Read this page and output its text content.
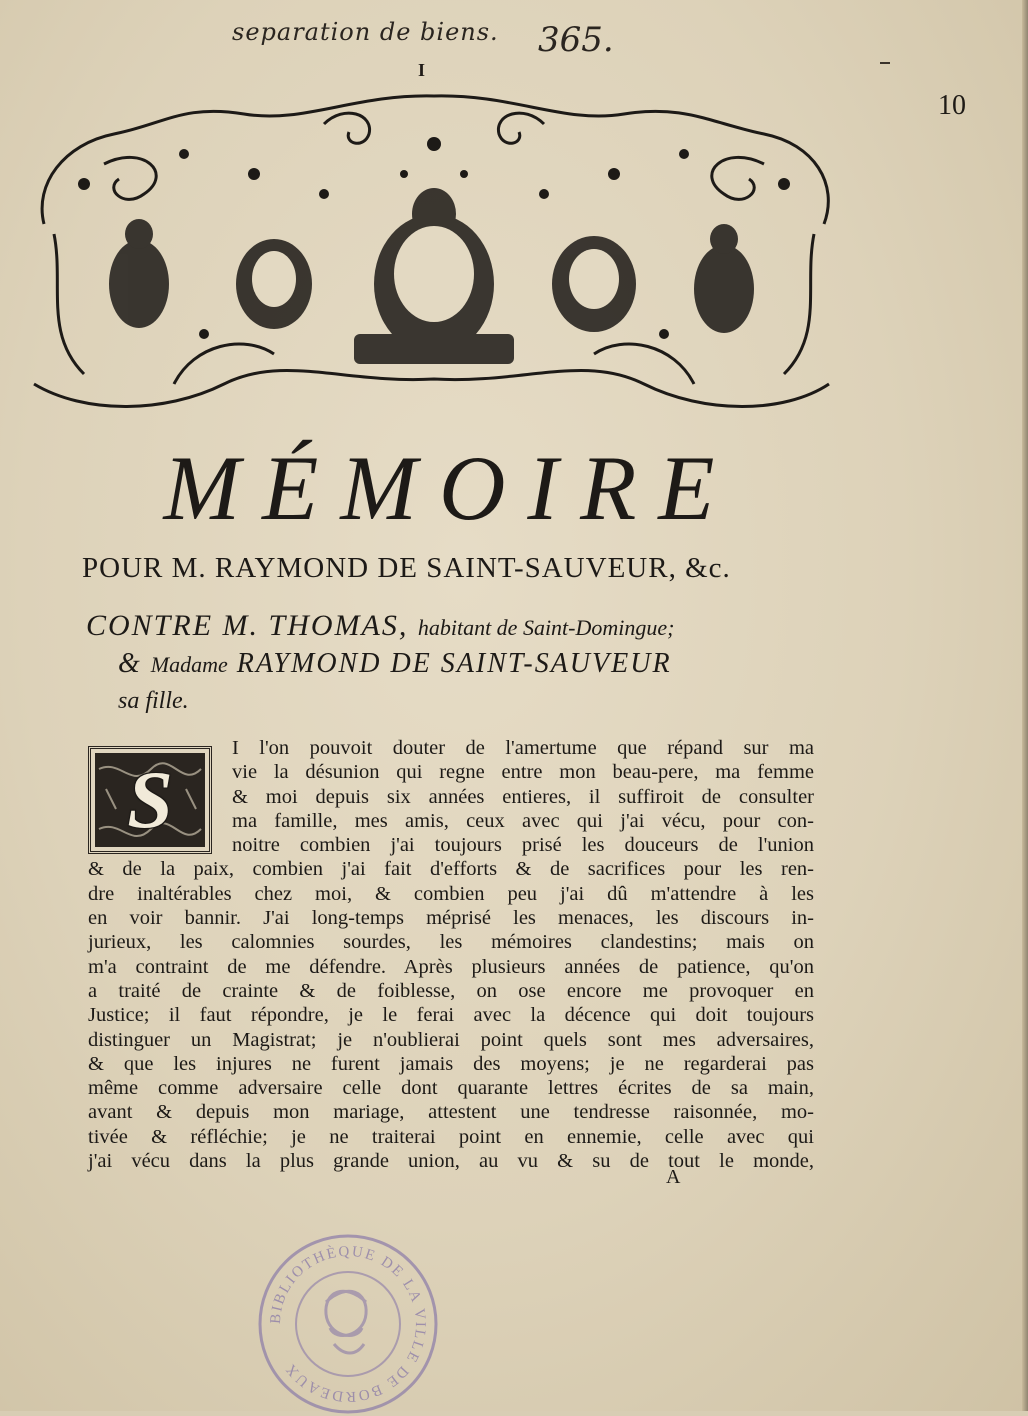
separation de biens. 365.
I
10
MÉMOIRE
POUR M. RAYMOND DE SAINT-SAUVEUR, &c.
CONTRE M. THOMAS, habitant de Saint-Domingue;
& Madame RAYMOND DE SAINT-SAUVEUR
sa fille.
S
I l'on pouvoit douter de l'amertume que répand sur ma
vie la désunion qui regne entre mon beau-pere, ma femme
& moi depuis six années entieres, il suffiroit de consulter
ma famille, mes amis, ceux avec qui j'ai vécu, pour con-
noitre combien j'ai toujours prisé les douceurs de l'union
& de la paix, combien j'ai fait d'efforts & de sacrifices pour les ren-
dre inaltérables chez moi, & combien peu j'ai dû m'attendre à les
en voir bannir. J'ai long-temps méprisé les menaces, les discours in-
jurieux, les calomnies sourdes, les mémoires clandestins; mais on
m'a contraint de me défendre. Après plusieurs années de patience, qu'on
a traité de crainte & de foiblesse, on ose encore me provoquer en
Justice; il faut répondre, je le ferai avec la décence qui doit toujours
distinguer un Magistrat; je n'oublierai point quels sont mes adversaires,
& que les injures ne furent jamais des moyens; je ne regarderai pas
même comme adversaire celle dont quarante lettres écrites de sa main,
avant & depuis mon mariage, attestent une tendresse raisonnée, mo-
tivée & réfléchie; je ne traiterai point en ennemie, celle avec qui
j'ai vécu dans la plus grande union, au vu & su de tout le monde,
A
BIBLIOTHÈQUE DE LA VILLE DE BORDEAUX
